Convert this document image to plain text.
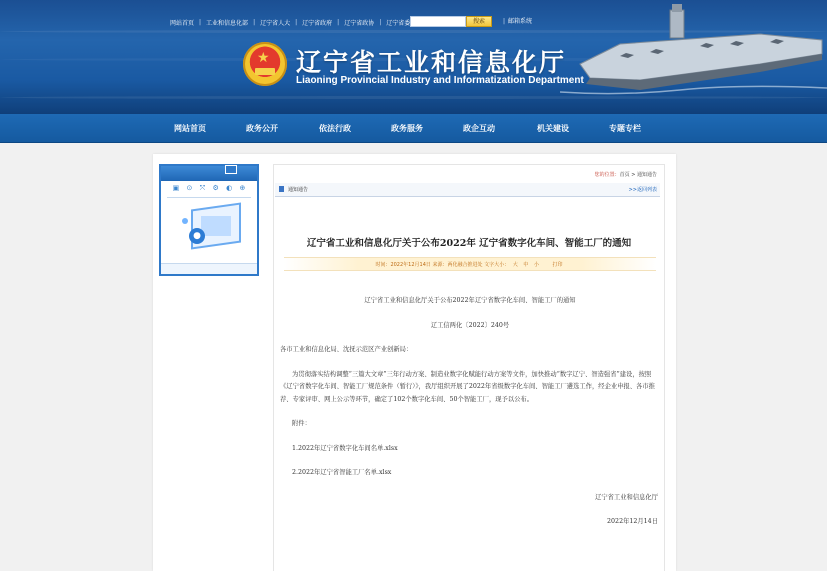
网站首页 | 工业和信息化部 | 辽宁省人大 | 辽宁省政府 | 辽宁省政协 | 辽宁省委	搜索	| 邮箱系统
★ 辽宁省工业和信息化厅
Liaoning Provincial Industry and Informatization Department
网站首页	政务公开	依法行政	政务服务	政企互动	机关建设	专题专栏
▣ ⊙ ⤧ ⚙ ◐ ⊕
●
您的位置：首页 > 通知通告
通知通告	>>返回列表
辽宁省工业和信息化厅关于公布2022年 辽宁省数字化车间、智能工厂的通知
时间：2022年12月14日 来源：两化融合推进处 文字大小： 大 中 小	打印

辽宁省工业和信息化厅关于公布2022年辽宁省数字化车间、智能工厂的通知

辽工信两化〔2022〕240号

各市工业和信息化局、沈抚示范区产业创新局：

为贯彻落实结构调整“三篇大文章”三年行动方案、制造业数字化赋能行动方案等文件，加快推动“数字辽宁、智造强省”建设，按照《辽宁省数字化车间、智能工厂规范条件（暂行）》，我厅组织开展了2022年省级数字化车间、智能工厂遴选工作，经企业申报、各市推荐、专家评审、网上公示等环节，确定了102个数字化车间、50个智能工厂，现予以公布。

附件：

1.2022年辽宁省数字化车间名单.xlsx

2.2022年辽宁省智能工厂名单.xlsx

辽宁省工业和信息化厅

2022年12月14日
